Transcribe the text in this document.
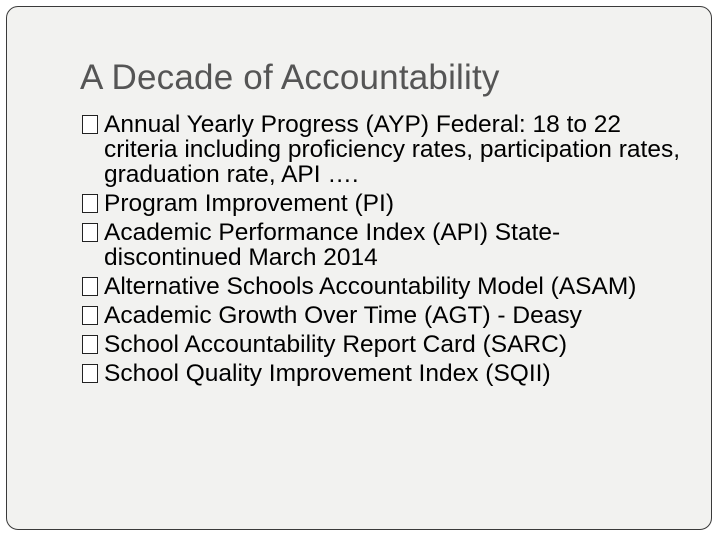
A Decade of Accountability
Annual Yearly Progress (AYP) Federal: 18 to 22 criteria including proficiency rates, participation rates, graduation rate, API ….
Program Improvement (PI)
Academic Performance Index (API) State- discontinued March 2014
Alternative Schools Accountability Model (ASAM)
Academic Growth Over Time (AGT) - Deasy
School Accountability Report Card (SARC)
School Quality Improvement Index (SQII)
